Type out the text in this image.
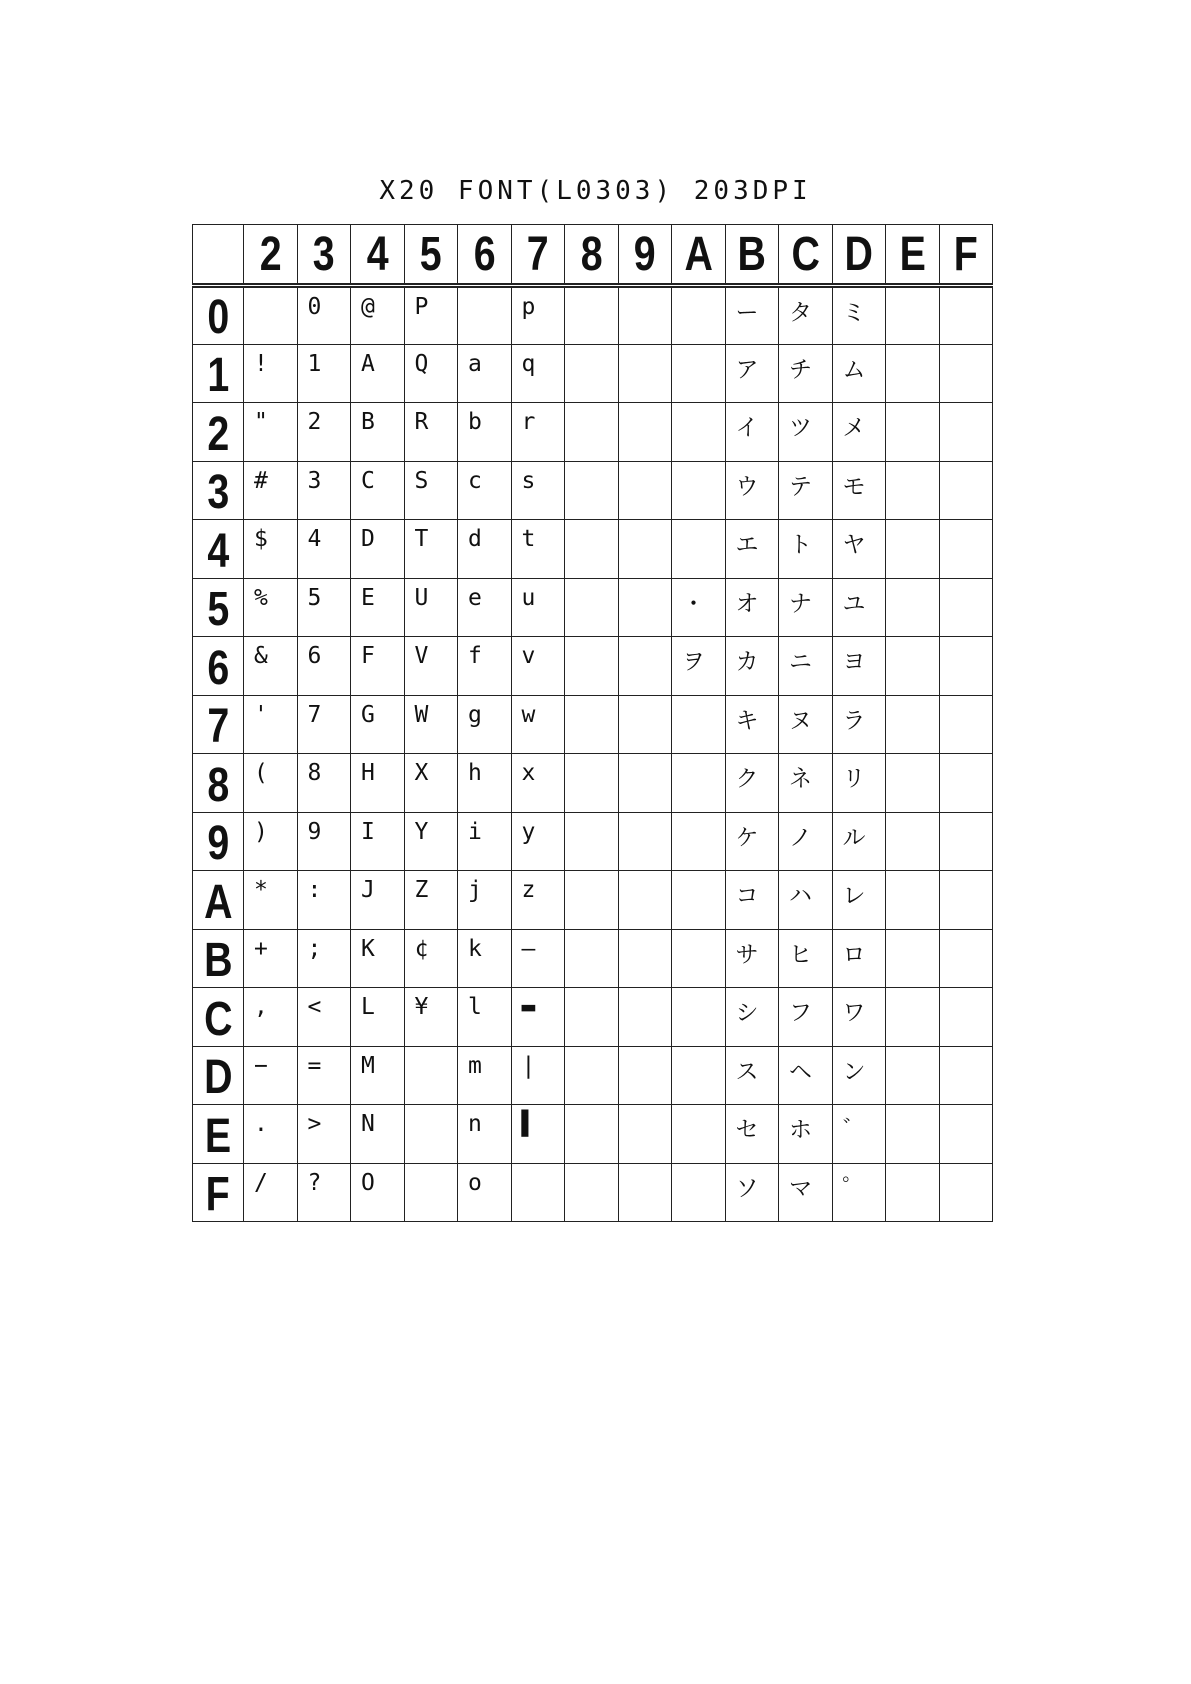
X20 FONT(L0303) 203DPI
	2	3	4	5	6	7	8	9	A	B	C	D	E	F
0		0	@	P		p				ー	タ	ミ		
1	!	1	A	Q	a	q				ア	チ	ム		
2	"	2	B	R	b	r				イ	ツ	メ		
3	#	3	C	S	c	s				ウ	テ	モ		
4	$	4	D	T	d	t				エ	ト	ヤ		
5	%	5	E	U	e	u			・	オ	ナ	ユ		
6	&	6	F	V	f	v			ヲ	カ	ニ	ヨ		
7	'	7	G	W	g	w				キ	ヌ	ラ		
8	(	8	H	X	h	x				ク	ネ	リ		
9	)	9	I	Y	i	y				ケ	ノ	ル		
A	*	:	J	Z	j	z				コ	ハ	レ		
B	+	;	K	¢	k	—				サ	ヒ	ロ		
C	,	<	L	¥	l	▬				シ	フ	ワ		
D	−	=	M		m	|				ス	ヘ	ン		
E	.	>	N		n	▌				セ	ホ	゛		
F	/	?	O		o					ソ	マ	゜		
